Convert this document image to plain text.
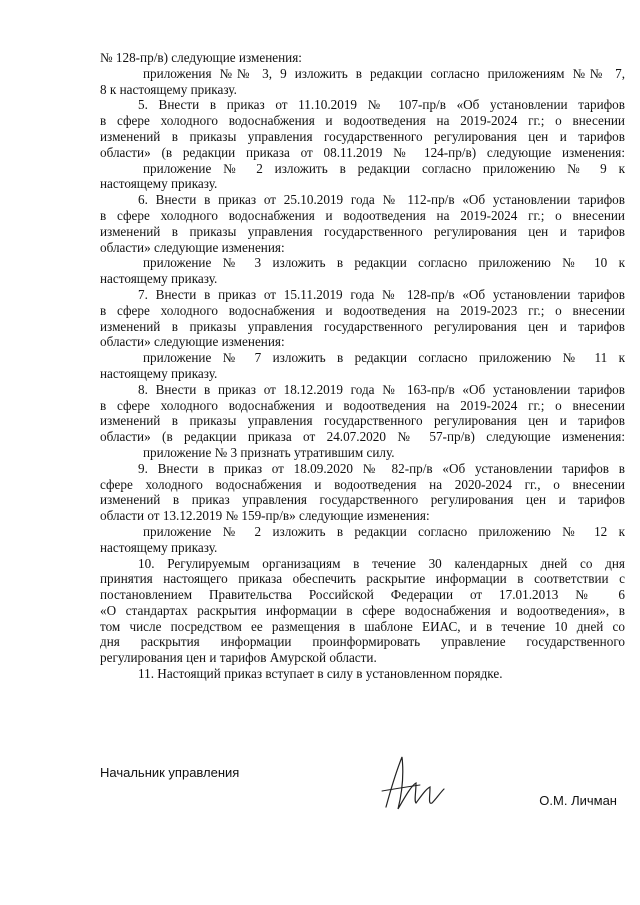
№ 128-пр/в) следующие изменения:
приложения №№ 3, 9 изложить в редакции согласно приложениям №№ 7,
8 к настоящему приказу.
5. Внести в приказ от 11.10.2019 № 107-пр/в «Об установлении тарифов
в сфере холодного водоснабжения и водоотведения на 2019-2024 гг.; о внесении
изменений в приказы управления государственного регулирования цен и тарифов
области» (в редакции приказа от 08.11.2019 № 124-пр/в) следующие изменения:
приложение № 2 изложить в редакции согласно приложению № 9 к
настоящему приказу.
6. Внести в приказ от 25.10.2019 года № 112-пр/в «Об установлении тарифов
в сфере холодного водоснабжения и водоотведения на 2019-2024 гг.; о внесении
изменений в приказы управления государственного регулирования цен и тарифов
области» следующие изменения:
приложение № 3 изложить в редакции согласно приложению № 10 к
настоящему приказу.
7. Внести в приказ от 15.11.2019 года № 128-пр/в «Об установлении тарифов
в сфере холодного водоснабжения и водоотведения на 2019-2023 гг.; о внесении
изменений в приказы управления государственного регулирования цен и тарифов
области» следующие изменения:
приложение № 7 изложить в редакции согласно приложению № 11 к
настоящему приказу.
8. Внести в приказ от 18.12.2019 года № 163-пр/в «Об установлении тарифов
в сфере холодного водоснабжения и водоотведения на 2019-2024 гг.; о внесении
изменений в приказы управления государственного регулирования цен и тарифов
области» (в редакции приказа от 24.07.2020 № 57-пр/в) следующие изменения:
приложение № 3 признать утратившим силу.
9. Внести в приказ от 18.09.2020 № 82-пр/в «Об установлении тарифов в
сфере холодного водоснабжения и водоотведения на 2020-2024 гг., о внесении
изменений в приказ управления государственного регулирования цен и тарифов
области от 13.12.2019 № 159-пр/в» следующие изменения:
приложение № 2 изложить в редакции согласно приложению № 12 к
настоящему приказу.
10. Регулируемым организациям в течение 30 календарных дней со дня
принятия настоящего приказа обеспечить раскрытие информации в соответствии с
постановлением Правительства Российской Федерации от 17.01.2013 № 6
«О стандартах раскрытия информации в сфере водоснабжения и водоотведения», в
том числе посредством ее размещения в шаблоне ЕИАС, и в течение 10 дней со
дня раскрытия информации проинформировать управление государственного
регулирования цен и тарифов Амурской области.
11. Настоящий приказ вступает в силу в установленном порядке.
Начальник управления
О.М. Личман
